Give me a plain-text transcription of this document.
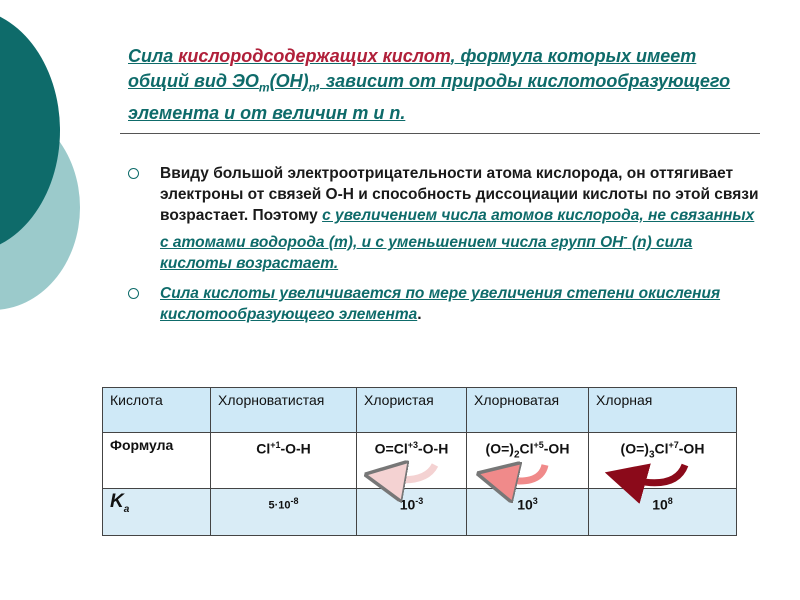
Сила кислородсодержащих кислот, формула которых имеет общий вид $ЭО_m(ОН)_n$, зависит от природы кислотообразующего элемента и от величин m и n.
Ввиду большой электроотрицательности атома кислорода, он оттягивает электроны от связей О-Н и способность диссоциации кислоты по этой связи возрастает. Поэтому с увеличением числа атомов кислорода, не связанных с атомами водорода (m), и с уменьшением числа групп ОН- (n) сила кислоты возрастает.
Сила кислоты увеличивается по мере увеличения степени окисления кислотообразующего элемента.
Кислота	Хлорноватистая	Хлористая	Хлорноватая	Хлорная
Формула	$Cl^{+1}-O-H$	$O=Cl^{+3}-O-H$	$(O=)_2Cl^{+5}-OH$	$(O=)_3Cl^{+7}-OH$
$K_a$	$5\cdot 10^{-8}$	$10^{-3}$	$10^3$	$10^8$
